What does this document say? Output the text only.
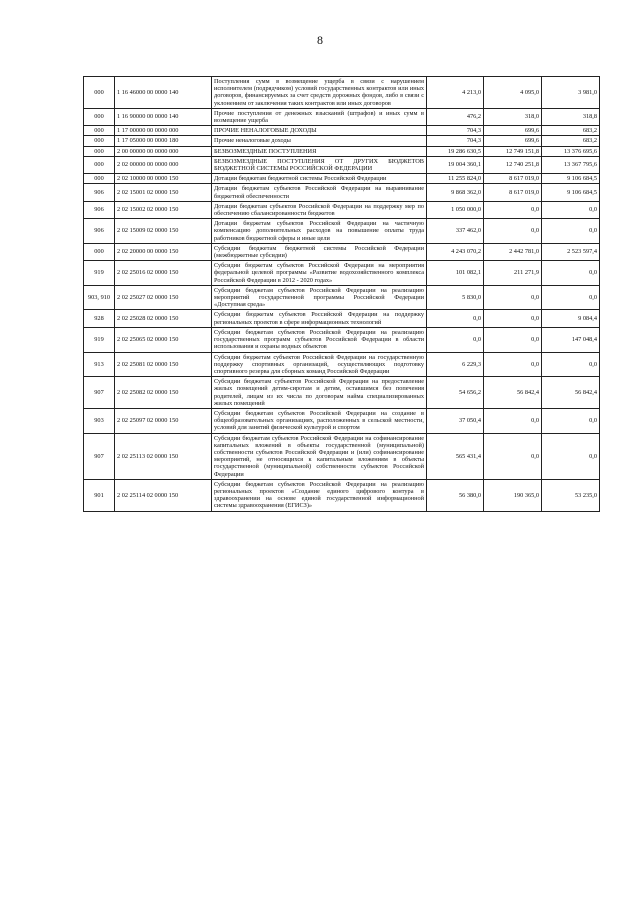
8
000	1 16 46000 00 0000 140	Поступления сумм в возмещение ущерба в связи с нарушением исполнителем (подрядчиком) условий государственных контрактов или иных договоров, финансируемых за счет средств дорожных фондов, либо в связи с уклонением от заключения таких контрактов или иных договоров	4 213,0	4 095,0	3 981,0
000	1 16 90000 00 0000 140	Прочие поступления от денежных взысканий (штрафов) и иных сумм в возмещение ущерба	476,2	318,0	318,8
000	1 17 00000 00 0000 000	ПРОЧИЕ НЕНАЛОГОВЫЕ ДОХОДЫ	704,3	699,6	683,2
000	1 17 05000 00 0000 180	Прочие неналоговые доходы	704,3	699,6	683,2
000	2 00 00000 00 0000 000	БЕЗВОЗМЕЗДНЫЕ ПОСТУПЛЕНИЯ	19 286 630,5	12 749 151,8	13 376 695,6
000	2 02 00000 00 0000 000	БЕЗВОЗМЕЗДНЫЕ ПОСТУПЛЕНИЯ ОТ ДРУГИХ БЮДЖЕТОВ БЮДЖЕТНОЙ СИСТЕМЫ РОССИЙСКОЙ ФЕДЕРАЦИИ	19 004 360,1	12 740 251,8	13 367 795,6
000	2 02 10000 00 0000 150	Дотации бюджетам бюджетной системы Российской Федерации	11 255 824,0	8 617 019,0	9 106 684,5
906	2 02 15001 02 0000 150	Дотации бюджетам субъектов Российской Федерации на выравнивание бюджетной обеспеченности	9 868 362,0	8 617 019,0	9 106 684,5
906	2 02 15002 02 0000 150	Дотации бюджетам субъектов Российской Федерации на поддержку мер по обеспечению сбалансированности бюджетов	1 050 000,0	0,0	0,0
906	2 02 15009 02 0000 150	Дотации бюджетам субъектов Российской Федерации на частичную компенсацию дополнительных расходов на повышение оплаты труда работников бюджетной сферы и иные цели	337 462,0	0,0	0,0
000	2 02 20000 00 0000 150	Субсидии бюджетам бюджетной системы Российской Федерации (межбюджетные субсидии)	4 243 070,2	2 442 781,0	2 523 597,4
919	2 02 25016 02 0000 150	Субсидии бюджетам субъектов Российской Федерации на мероприятия федеральной целевой программы «Развитие водохозяйственного комплекса Российской Федерации в 2012 - 2020 годах»	101 082,1	211 271,9	0,0
903, 910	2 02 25027 02 0000 150	Субсидии бюджетам субъектов Российской Федерации на реализацию мероприятий государственной программы Российской Федерации «Доступная среда»	5 830,0	0,0	0,0
928	2 02 25028 02 0000 150	Субсидии бюджетам субъектов Российской Федерации на поддержку региональных проектов в сфере информационных технологий	0,0	0,0	9 084,4
919	2 02 25065 02 0000 150	Субсидии бюджетам субъектов Российской Федерации на реализацию государственных программ субъектов Российской Федерации в области использования и охраны водных объектов	0,0	0,0	147 048,4
913	2 02 25081 02 0000 150	Субсидии бюджетам субъектов Российской Федерации на государственную поддержку спортивных организаций, осуществляющих подготовку спортивного резерва для сборных команд Российской Федерации	6 229,3	0,0	0,0
907	2 02 25082 02 0000 150	Субсидии бюджетам субъектов Российской Федерации на предоставление жилых помещений детям-сиротам и детям, оставшимся без попечения родителей, лицам из их числа по договорам найма специализированных жилых помещений	54 656,2	56 842,4	56 842,4
903	2 02 25097 02 0000 150	Субсидии бюджетам субъектов Российской Федерации на создание в общеобразовательных организациях, расположенных в сельской местности, условий для занятий физической культурой и спортом	37 050,4	0,0	0,0
907	2 02 25113 02 0000 150	Субсидии бюджетам субъектов Российской Федерации на софинансирование капитальных вложений в объекты государственной (муниципальной) собственности субъектов Российской Федерации и (или) софинансирование мероприятий, не относящихся к капитальным вложениям в объекты государственной (муниципальной) собственности субъектов Российской Федерации	565 431,4	0,0	0,0
901	2 02 25114 02 0000 150	Субсидии бюджетам субъектов Российской Федерации на реализацию региональных проектов «Создание единого цифрового контура в здравоохранении на основе единой государственной информационной системы здравоохранения (ЕГИСЗ)»	56 380,0	190 365,0	53 235,0
